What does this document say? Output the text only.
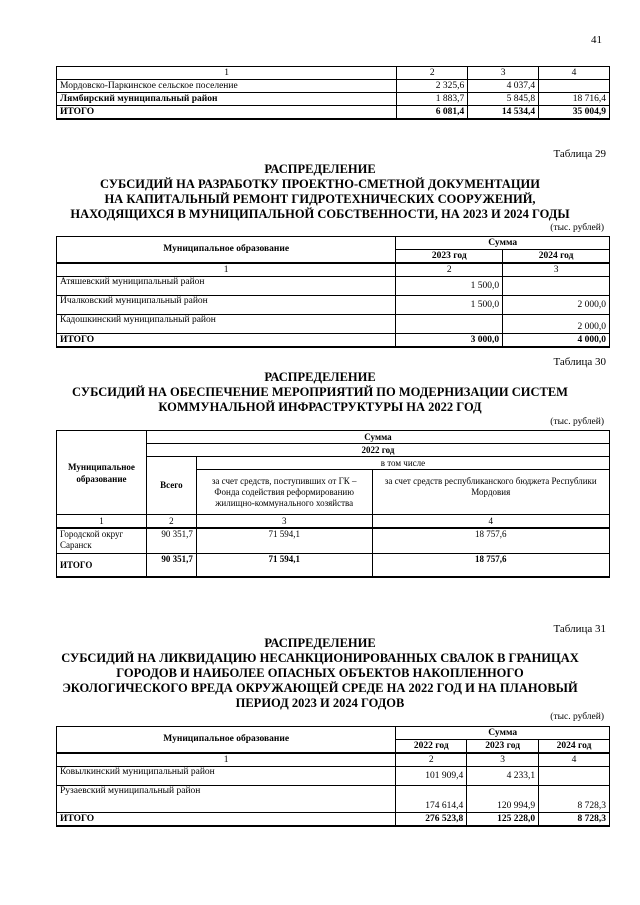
41
1	2	3	4
Мордовско-Паркинское сельское поселение	2 325,6	4 037,4	
Лямбирский муниципальный район	1 883,7	5 845,8	18 716,4
ИТОГО	6 081,4	14 534,4	35 004,9
Таблица 29
РАСПРЕДЕЛЕНИЕ
СУБСИДИЙ НА РАЗРАБОТКУ ПРОЕКТНО-СМЕТНОЙ ДОКУМЕНТАЦИИ
НА КАПИТАЛЬНЫЙ РЕМОНТ ГИДРОТЕХНИЧЕСКИХ СООРУЖЕНИЙ,
НАХОДЯЩИХСЯ В МУНИЦИПАЛЬНОЙ СОБСТВЕННОСТИ, НА 2023 И 2024 ГОДЫ
(тыс. рублей)
Муниципальное образование	Сумма	
	2023 год	2024 год
1	2	3
Атяшевский муниципальный район	1 500,0	
Ичалковский муниципальный район	1 500,0	2 000,0
Кадошкинский муниципальный район		2 000,0
ИТОГО	3 000,0	4 000,0
Таблица 30
РАСПРЕДЕЛЕНИЕ
СУБСИДИЙ НА ОБЕСПЕЧЕНИЕ МЕРОПРИЯТИЙ ПО МОДЕРНИЗАЦИИ СИСТЕМ
КОММУНАЛЬНОЙ ИНФРАСТРУКТУРЫ НА 2022 ГОД
(тыс. рублей)
Муниципальное образование	Сумма		
	2022 год		
	Всего	в том числе	
		за счет средств, поступивших от ГК – Фонда содействия реформированию жилищно-коммунального хозяйства	за счет средств республиканского бюджета Республики Мордовия
1	2	3	4
Городской округ Саранск	90 351,7	71 594,1	18 757,6
ИТОГО	90 351,7	71 594,1	18 757,6
Таблица 31
РАСПРЕДЕЛЕНИЕ
СУБСИДИЙ НА ЛИКВИДАЦИЮ НЕСАНКЦИОНИРОВАННЫХ СВАЛОК В ГРАНИЦАХ
ГОРОДОВ И НАИБОЛЕЕ ОПАСНЫХ ОБЪЕКТОВ НАКОПЛЕННОГО
ЭКОЛОГИЧЕСКОГО ВРЕДА ОКРУЖАЮЩЕЙ СРЕДЕ НА 2022 ГОД И НА ПЛАНОВЫЙ
ПЕРИОД 2023 И 2024 ГОДОВ
(тыс. рублей)
Муниципальное образование	Сумма		
	2022 год	2023 год	2024 год
1	2	3	4
Ковылкинский муниципальный район	101 909,4	4 233,1	
Рузаевский муниципальный район	174 614,4	120 994,9	8 728,3
ИТОГО	276 523,8	125 228,0	8 728,3
